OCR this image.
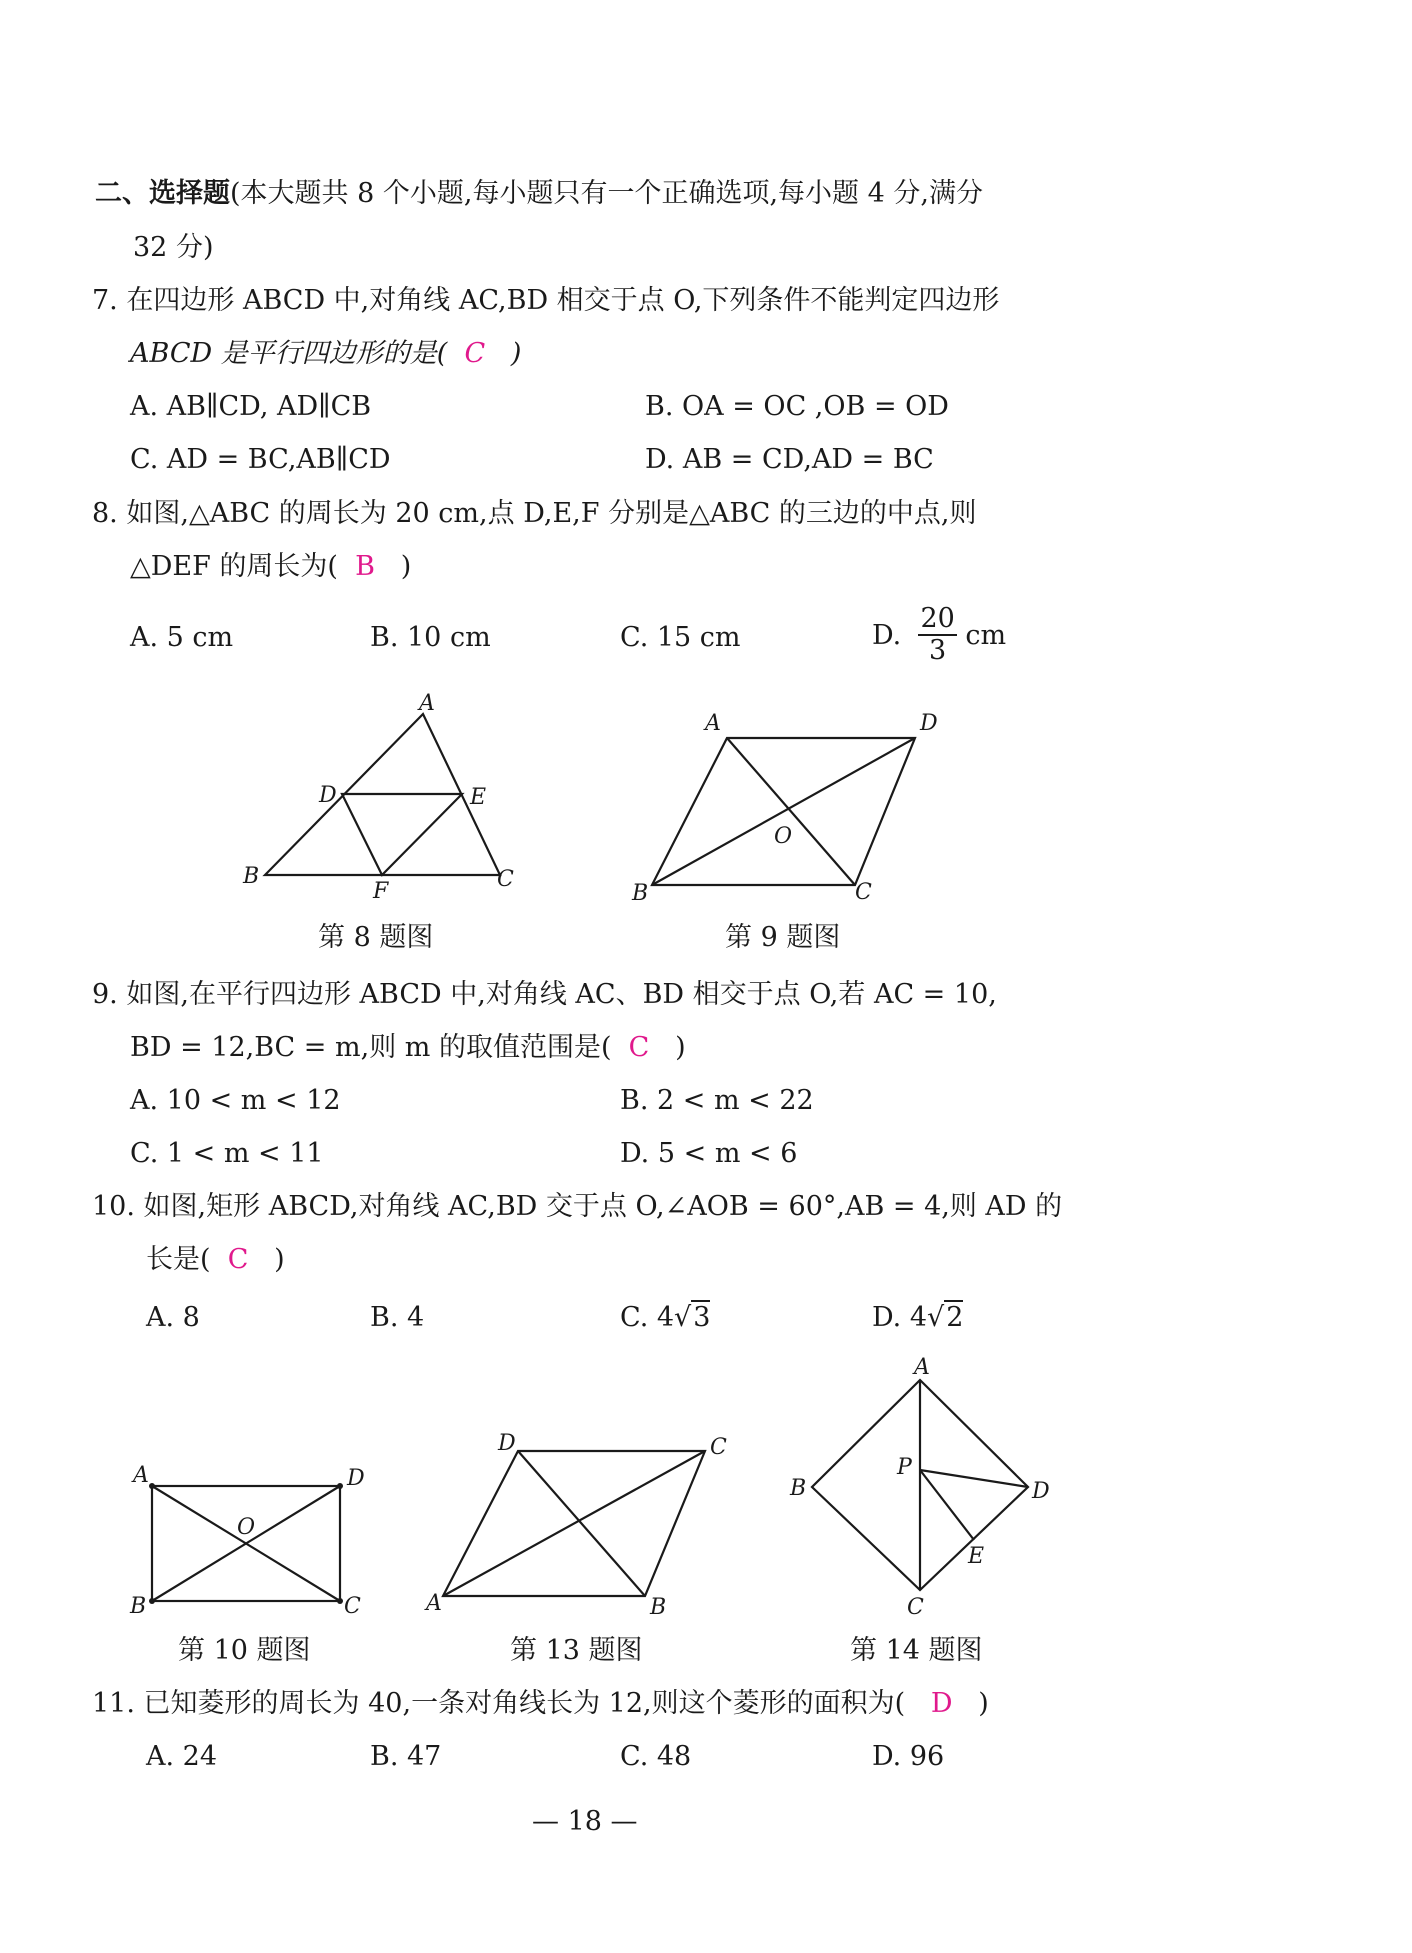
二、选择题(本大题共 8 个小题,每小题只有一个正确选项,每小题 4 分,满分
32 分)
7. 在四边形 ABCD 中,对角线 AC,BD 相交于点 O,下列条件不能判定四边形
ABCD 是平行四边形的是( C )
A. AB∥CD, AD∥CB	B. OA = OC ,OB = OD
C. AD = BC,AB∥CD	D. AB = CD,AD = BC
8. 如图,△ABC 的周长为 20 cm,点 D,E,F 分别是△ABC 的三边的中点,则
△DEF 的周长为( B )
A. 5 cm	B. 10 cm	C. 15 cm	D.
$\frac{20}{3}$
cm
A
B	C
D	E
F
第 8 题图
A	D
B	C
O
第 9 题图
9. 如图,在平行四边形 ABCD 中,对角线 AC、BD 相交于点 O,若 AC = 10,
BD = 12,BC = m,则 m 的取值范围是( C )
A. 10 < m < 12	B. 2 < m < 22
C. 1 < m < 11	D. 5 < m < 6
10. 如图,矩形 ABCD,对角线 AC,BD 交于点 O,∠AOB = 60°,AB = 4,则 AD 的
长是( C )
A. 8	B. 4	C. 4√3	D. 4√2
A	D
B	C
O
第 10 题图
D	C
A	B
第 13 题图
A
B	D
C
P
E
第 14 题图
11. 已知菱形的周长为 40,一条对角线长为 12,则这个菱形的面积为( D )
A. 24	B. 47	C. 48	D. 96
— 18 —
